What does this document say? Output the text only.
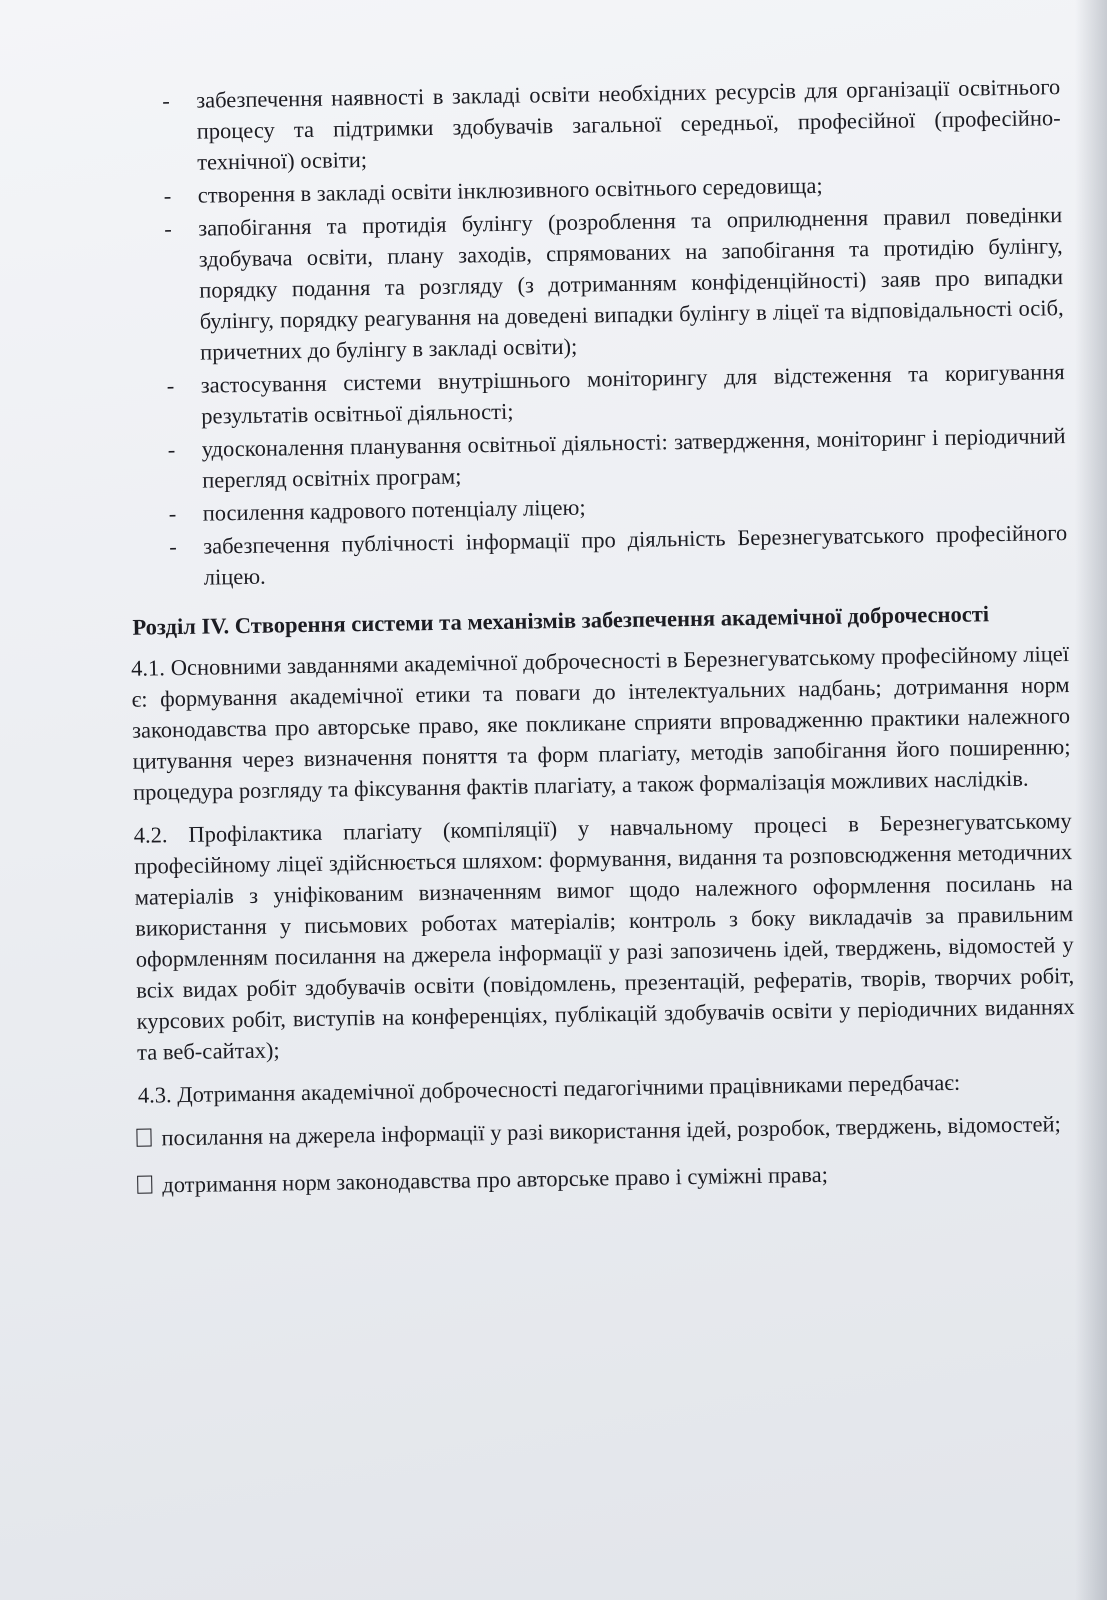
- забезпечення наявності в закладі освіти необхідних ресурсів для організації освітнього процесу та підтримки здобувачів загальної середньої, професійної (професійно-технічної) освіти;
- створення в закладі освіти інклюзивного освітнього середовища;
- запобігання та протидія булінгу (розроблення та оприлюднення правил поведінки здобувача освіти, плану заходів, спрямованих на запобігання та протидію булінгу, порядку подання та розгляду (з дотриманням конфіденційності) заяв про випадки булінгу, порядку реагування на доведені випадки булінгу в ліцеї та відповідальності осіб, причетних до булінгу в закладі освіти);
- застосування системи внутрішнього моніторингу для відстеження та коригування результатів освітньої діяльності;
- удосконалення планування освітньої діяльності: затвердження, моніторинг і періодичний перегляд освітніх програм;
- посилення кадрового потенціалу ліцею;
- забезпечення публічності інформації про діяльність Березнегуватського професійного ліцею.
Розділ IV. Створення системи та механізмів забезпечення академічної доброчесності

4.1. Основними завданнями академічної доброчесності в Березнегуватському професійному ліцеї є: формування академічної етики та поваги до інтелектуальних надбань; дотримання норм законодавства про авторське право, яке покликане сприяти впровадженню практики належного цитування через визначення поняття та форм плагіату, методів запобігання його поширенню; процедура розгляду та фіксування фактів плагіату, а також формалізація можливих наслідків.

4.2. Профілактика плагіату (компіляції) у навчальному процесі в Березнегуватському професійному ліцеї здійснюється шляхом: формування, видання та розповсюдження методичних матеріалів з уніфікованим визначенням вимог щодо належного оформлення посилань на використання у письмових роботах матеріалів; контроль з боку викладачів за правильним оформленням посилання на джерела інформації у разі запозичень ідей, тверджень, відомостей у всіх видах робіт здобувачів освіти (повідомлень, презентацій, рефератів, творів, творчих робіт, курсових робіт, виступів на конференціях, публікацій здобувачів освіти у періодичних виданнях та веб-сайтах);

4.3. Дотримання академічної доброчесності педагогічними працівниками передбачає:

посилання на джерела інформації у разі використання ідей, розробок, тверджень, відомостей;

дотримання норм законодавства про авторське право і суміжні права;
